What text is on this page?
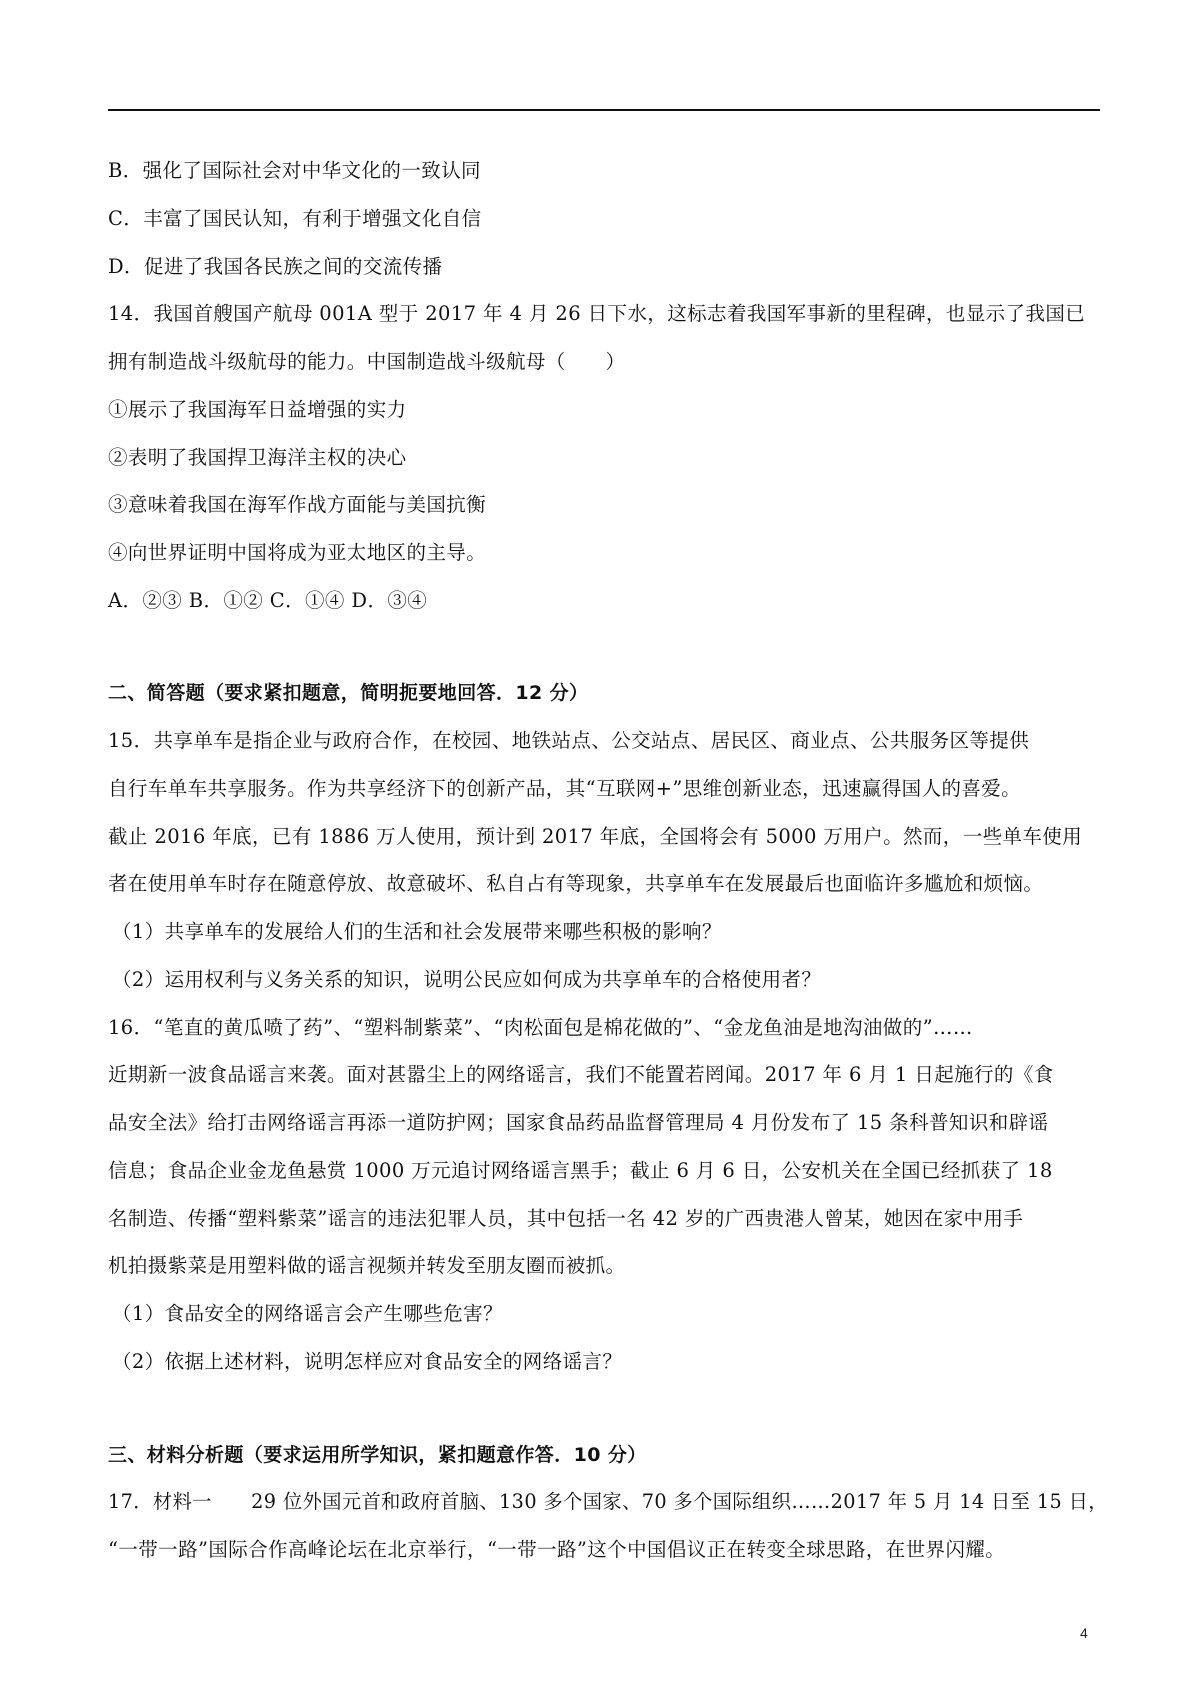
B．强化了国际社会对中华文化的一致认同
C．丰富了国民认知，有利于增强文化自信
D．促进了我国各民族之间的交流传播
14．我国首艘国产航母 001A 型于 2017 年 4 月 26 日下水，这标志着我国军事新的里程碑，也显示了我国已
拥有制造战斗级航母的能力。中国制造战斗级航母（　　）
①展示了我国海军日益增强的实力
②表明了我国捍卫海洋主权的决心
③意味着我国在海军作战方面能与美国抗衡
④向世界证明中国将成为亚太地区的主导。
A．②③ B．①② C．①④ D．③④
二、简答题（要求紧扣题意，简明扼要地回答．12 分）
15．共享单车是指企业与政府合作，在校园、地铁站点、公交站点、居民区、商业点、公共服务区等提供
自行车单车共享服务。作为共享经济下的创新产品，其“互联网+”思维创新业态，迅速赢得国人的喜爱。
截止 2016 年底，已有 1886 万人使用，预计到 2017 年底，全国将会有 5000 万用户。然而，一些单车使用
者在使用单车时存在随意停放、故意破坏、私自占有等现象，共享单车在发展最后也面临许多尴尬和烦恼。
（1）共享单车的发展给人们的生活和社会发展带来哪些积极的影响？
（2）运用权利与义务关系的知识，说明公民应如何成为共享单车的合格使用者？
16．“笔直的黄瓜喷了药”、“塑料制紫菜”、“肉松面包是棉花做的”、“金龙鱼油是地沟油做的”……
近期新一波食品谣言来袭。面对甚嚣尘上的网络谣言，我们不能置若罔闻。2017 年 6 月 1 日起施行的《食
品安全法》给打击网络谣言再添一道防护网；国家食品药品监督管理局 4 月份发布了 15 条科普知识和辟谣
信息；食品企业金龙鱼悬赏 1000 万元追讨网络谣言黑手；截止 6 月 6 日，公安机关在全国已经抓获了 18
名制造、传播“塑料紫菜”谣言的违法犯罪人员，其中包括一名 42 岁的广西贵港人曾某，她因在家中用手
机拍摄紫菜是用塑料做的谣言视频并转发至朋友圈而被抓。
（1）食品安全的网络谣言会产生哪些危害？
（2）依据上述材料，说明怎样应对食品安全的网络谣言？
三、材料分析题（要求运用所学知识，紧扣题意作答．10 分）
17．材料一　　29 位外国元首和政府首脑、130 多个国家、70 多个国际组织……2017 年 5 月 14 日至 15 日，
“一带一路”国际合作高峰论坛在北京举行，“一带一路”这个中国倡议正在转变全球思路，在世界闪耀。
4
